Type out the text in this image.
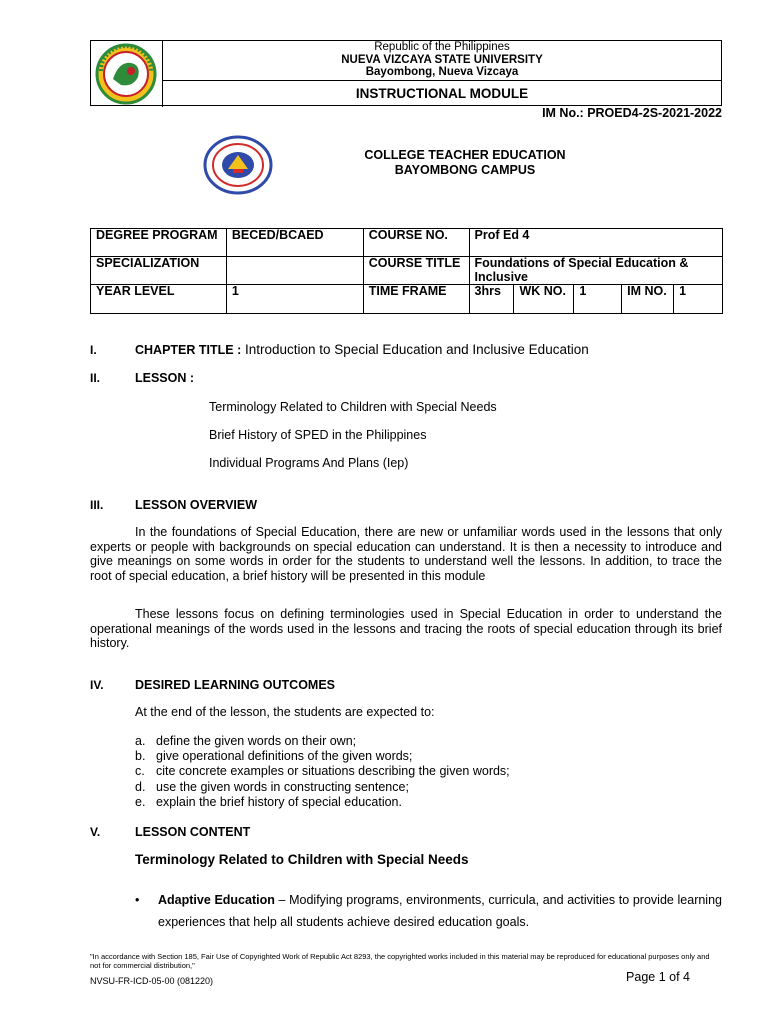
Republic of the Philippines
NUEVA VIZCAYA STATE UNIVERSITY
Bayombong, Nueva Vizcaya
INSTRUCTIONAL MODULE
IM No.: PROED4-2S-2021-2022
COLLEGE TEACHER EDUCATION
BAYOMBONG CAMPUS
DEGREE PROGRAM	BECED/BCAED	COURSE NO.	Prof Ed 4				
SPECIALIZATION		COURSE TITLE	Foundations of Special Education & Inclusive				
YEAR LEVEL	1	TIME FRAME	3hrs	WK NO.	1	IM NO.	1
I.	CHAPTER TITLE : Introduction to Special Education and Inclusive Education
II.	LESSON :
Terminology Related to Children with Special Needs
Brief History of SPED in the Philippines
Individual Programs And Plans (Iep)
III.	LESSON OVERVIEW
In the foundations of Special Education, there are new or unfamiliar words used in the lessons that only experts or people with backgrounds on special education can understand. It is then a necessity to introduce and give meanings on some words in order for the students to understand well the lessons. In addition, to trace the root of special education, a brief history will be presented in this module
These lessons focus on defining terminologies used in Special Education in order to understand the operational meanings of the words used in the lessons and tracing the roots of special education through its brief history.
IV.	DESIRED LEARNING OUTCOMES
At the end of the lesson, the students are expected to:
a. define the given words on their own;
b. give operational definitions of the given words;
c. cite concrete examples or situations describing the given words;
d. use the given words in constructing sentence;
e. explain the brief history of special education.
V.	LESSON CONTENT
Terminology Related to Children with Special Needs
• Adaptive Education – Modifying programs, environments, curricula, and activities to provide learning experiences that help all students achieve desired education goals.
"In accordance with Section 185, Fair Use of Copyrighted Work of Republic Act 8293, the copyrighted works included in this material may be reproduced for educational purposes only and not for commercial distribution,"
NVSU-FR-ICD-05-00 (081220)	Page 1 of 4
